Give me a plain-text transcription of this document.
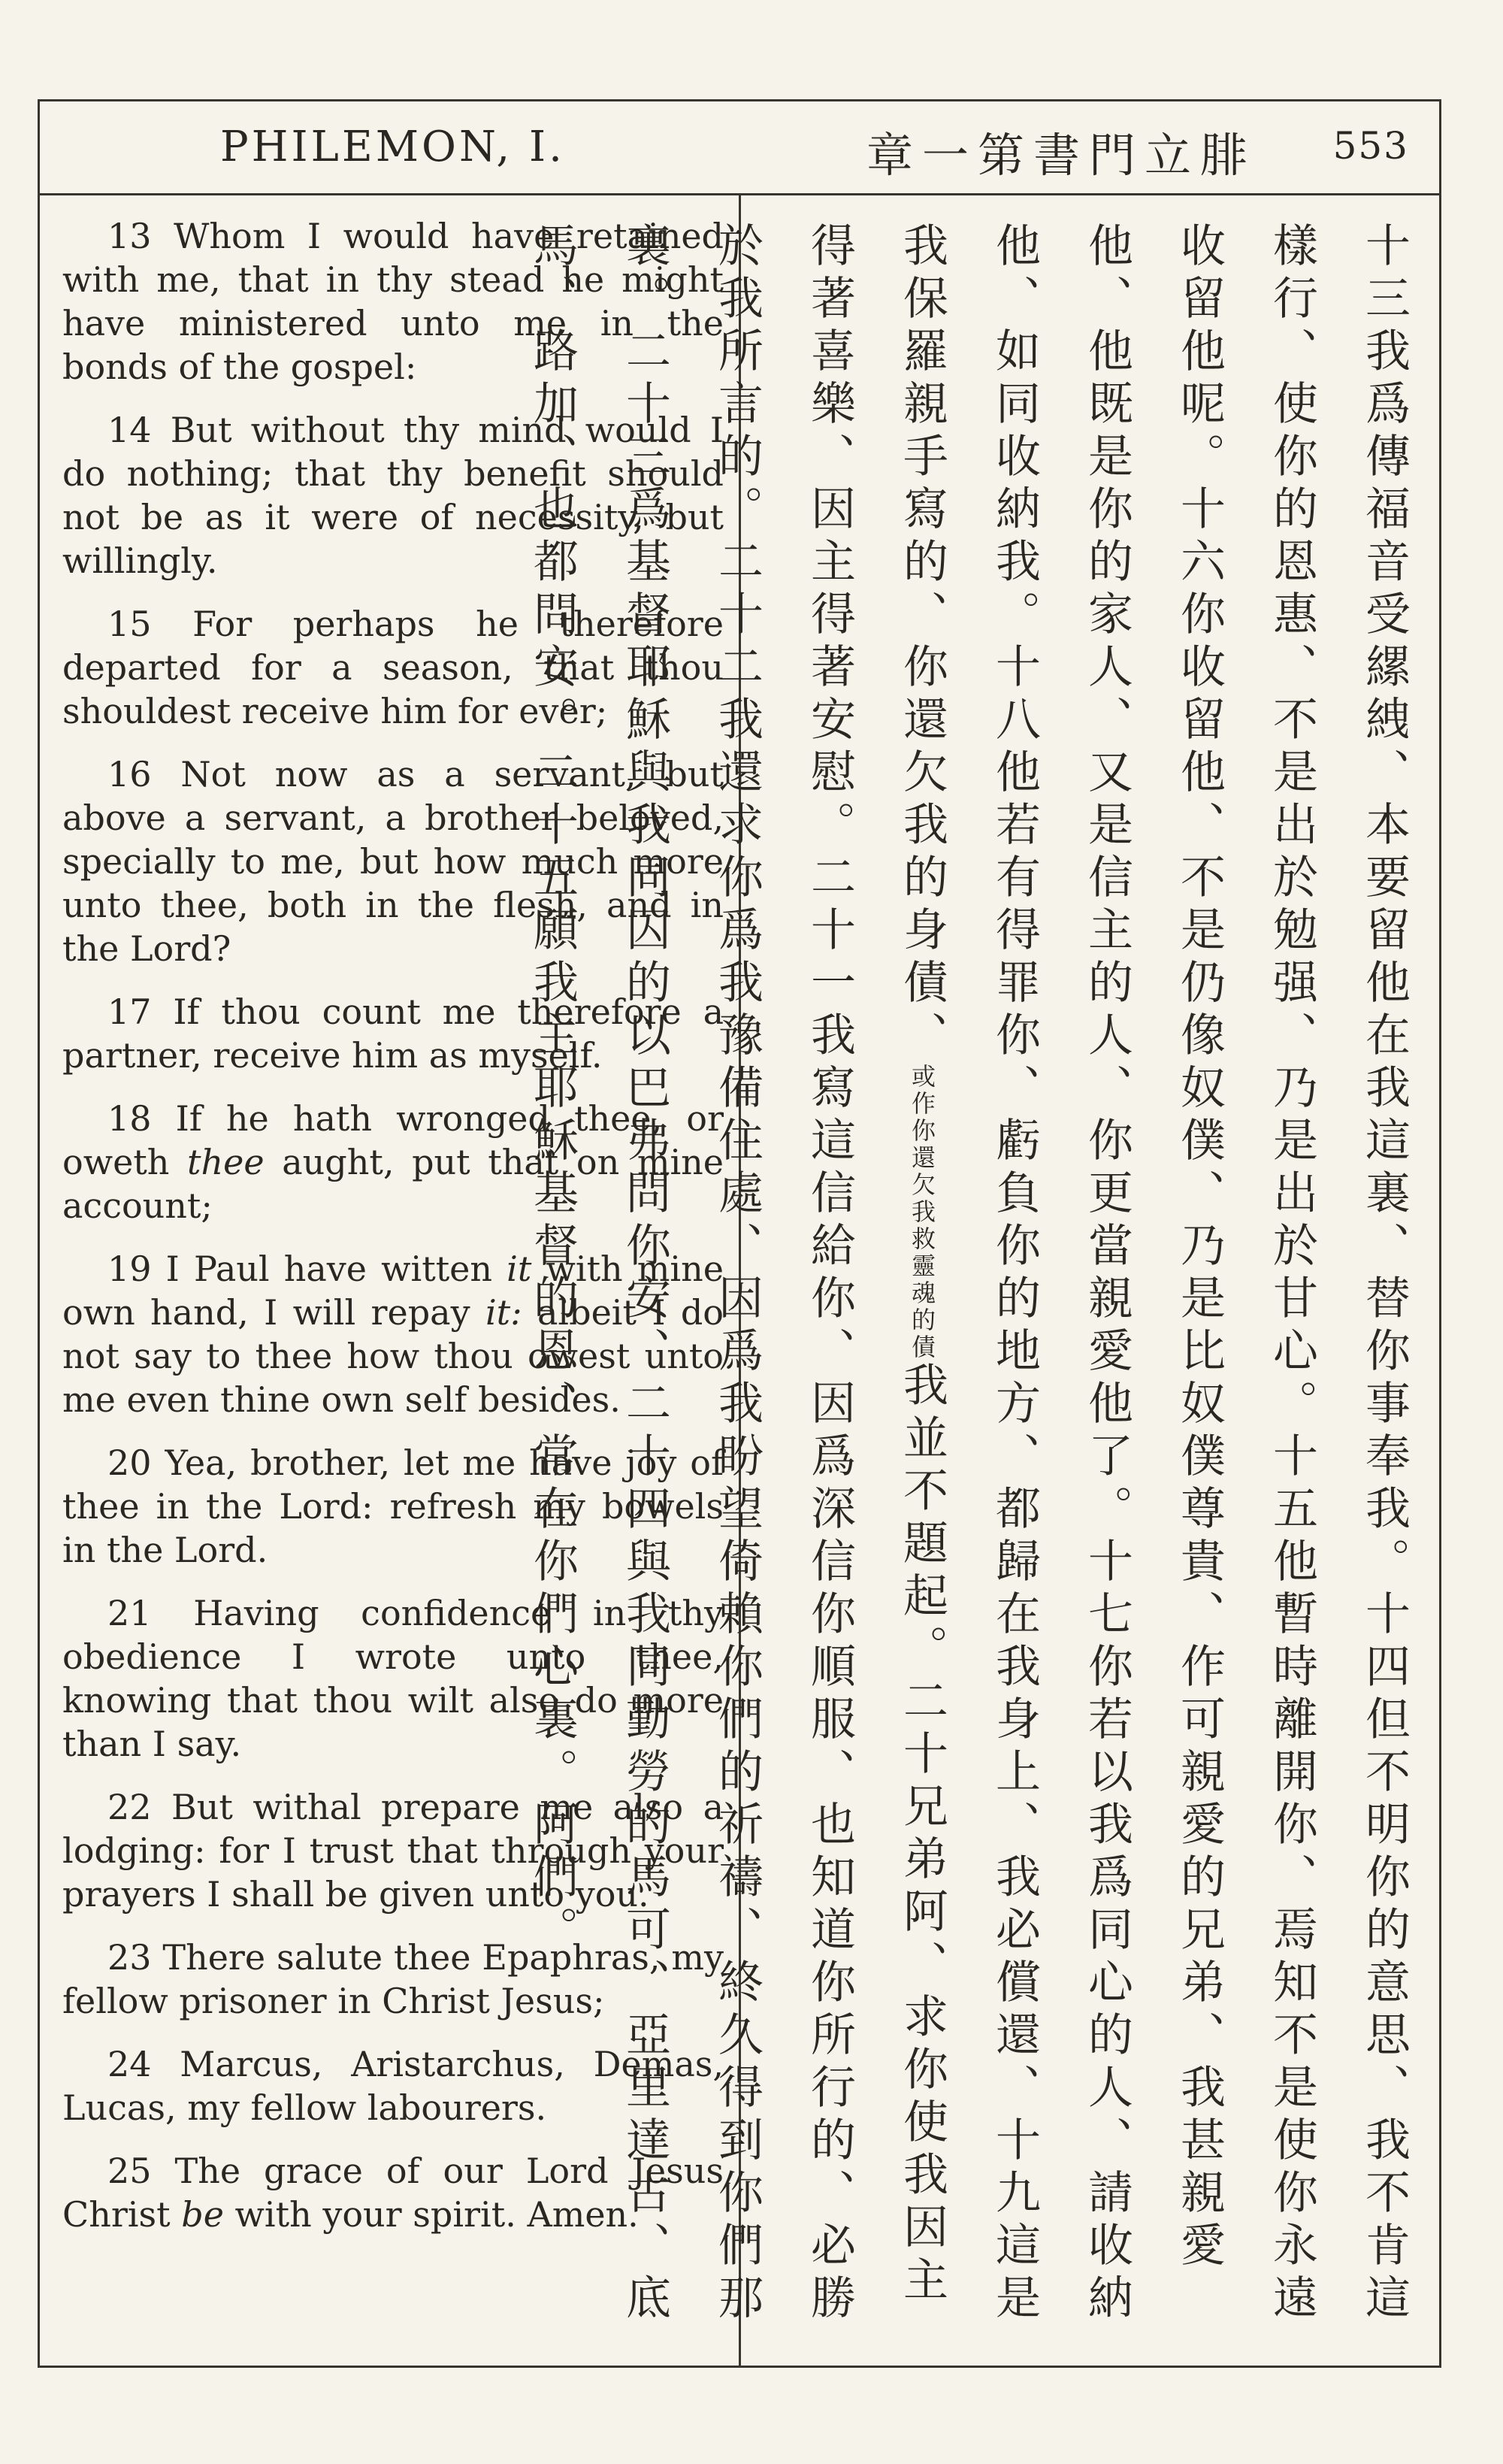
PHILEMON, I.	章一第書門立腓 553

13 Whom I would have retained with me, that in thy stead he might have ministered unto me in the bonds of the gospel:

14 But without thy mind would I do nothing; that thy benefit should not be as it were of necessity, but willingly.

15 For perhaps he therefore departed for a season, that thou shouldest receive him for ever;

16 Not now as a servant, but above a servant, a brother beloved, specially to me, but how much more unto thee, both in the flesh, and in the Lord?

17 If thou count me therefore a partner, receive him as myself.

18 If he hath wronged thee, or oweth thee aught, put that on mine account;

19 I Paul have witten it with mine own hand, I will repay it: albeit I do not say to thee how thou owest unto me even thine own self besides.

20 Yea, brother, let me have joy of thee in the Lord: refresh my bowels in the Lord.

21 Having confidence in thy obedience I wrote unto thee, knowing that thou wilt also do more than I say.

22 But withal prepare me also a lodging: for I trust that through your prayers I shall be given unto you.

23 There salute thee Epaphras, my fellow prisoner in Christ Jesus;

24 Marcus, Aristarchus, Demas, Lucas, my fellow labourers.

25 The grace of our Lord Jesus Christ be with your spirit. Amen.	十三我爲傳福音受縲絏、本要留他在我這裏、替你事奉我。十四但不明你的意思、我不肯這樣行、使你的恩惠、不是出於勉强、乃是出於甘心。十五他暫時離開你、焉知不是使你永遠收留他呢。十六你收留他、不是仍像奴僕、乃是比奴僕尊貴、作可親愛的兄弟、我甚親愛他、他既是你的家人、又是信主的人、你更當親愛他了。十七你若以我爲同心的人、請收納他、如同收納我。十八他若有得罪你、虧負你的地方、都歸在我身上、我必償還、十九這是我保羅親手寫的、你還欠我的身債、或作你還欠我救靈魂的債我並不題起。二十兄弟阿、求你使我因主得著喜樂、因主得著安慰。二十一我寫這信給你、因爲深信你順服、也知道你所行的、必勝於我所言的。二十二我還求你爲我豫備住處、因爲我盼望倚賴你們的祈禱、終久得到你們那裏。二十三爲基督耶穌與我同囚的以巴弗問你安、二十四與我同勤勞的馬可、亞里達古、底馬、路加、也都問安。二十五願我主耶穌基督的恩、常在你們心裏。阿們。
